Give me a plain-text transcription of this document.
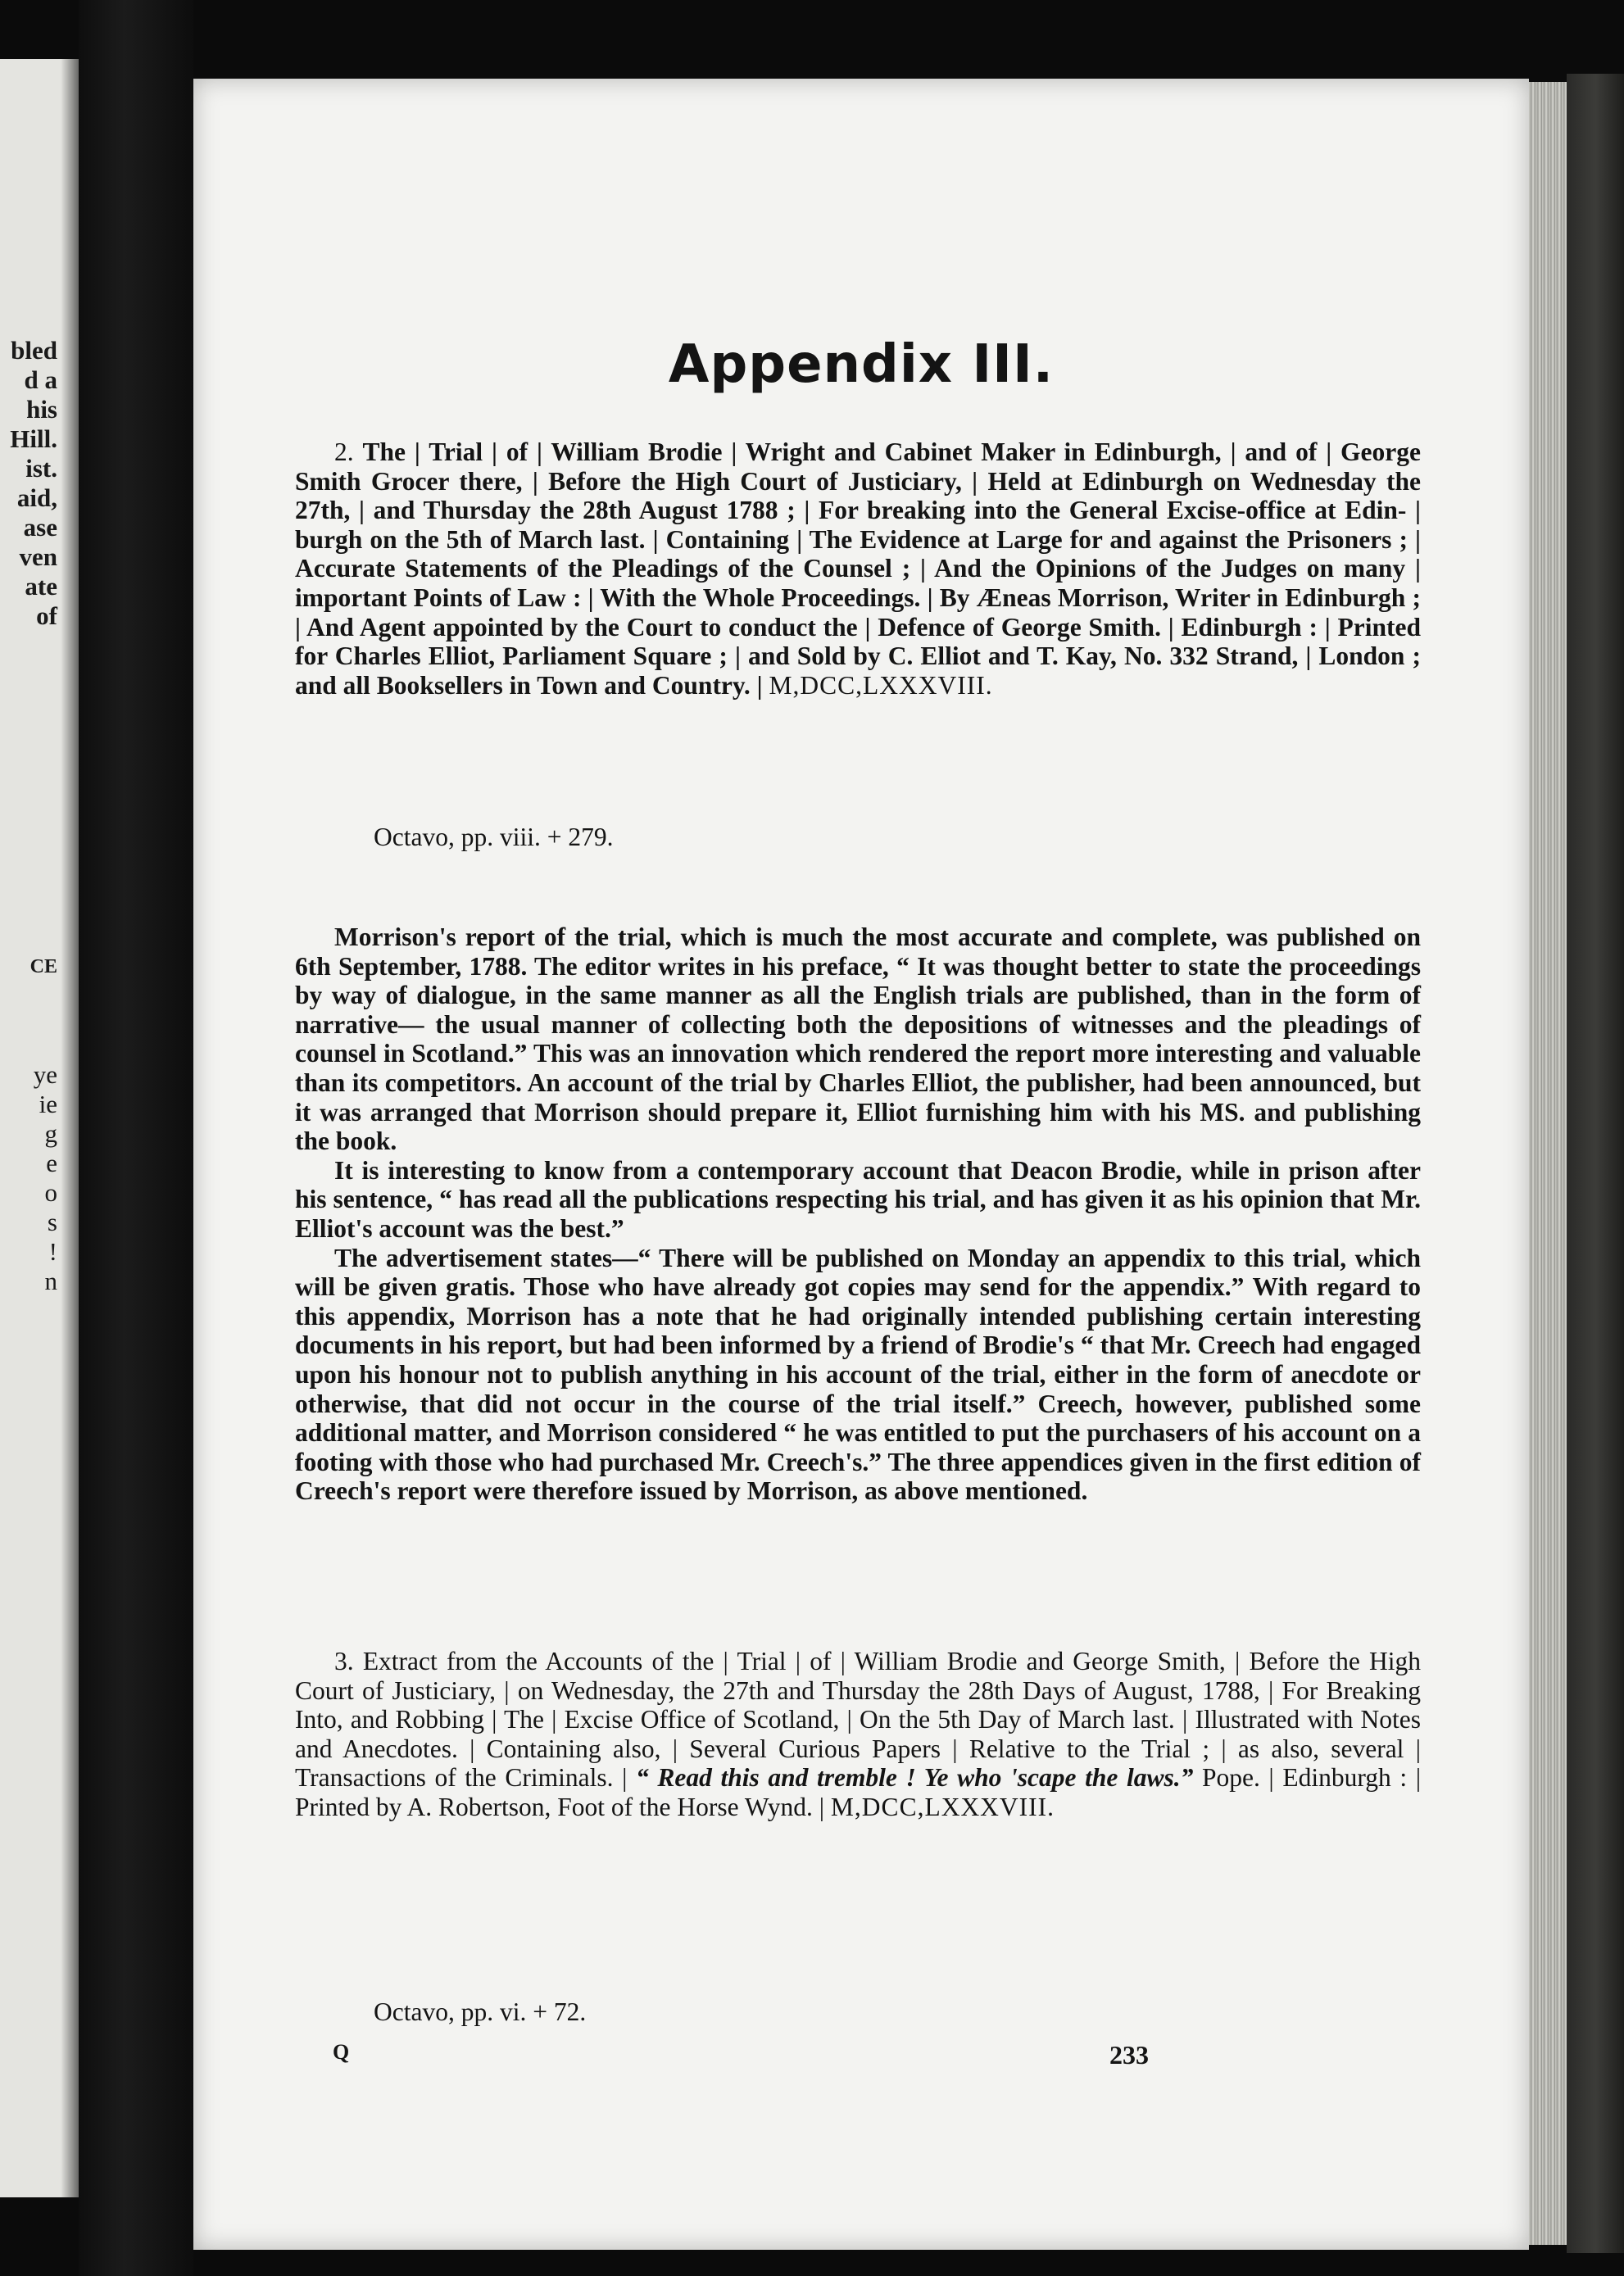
bled
d a
his
Hill.
ist.
aid,
ase
ven
ate
of
CE
ye
ie
g
e
o
s
!
n
Appendix III.

2. The | Trial | of | William Brodie | Wright and Cabinet Maker in Edinburgh, | and of | George Smith Grocer there, | Before the High Court of Justiciary, | Held at Edinburgh on Wednesday the 27th, | and Thursday the 28th August 1788 ; | For breaking into the General Excise-office at Edin- | burgh on the 5th of March last. | Containing | The Evidence at Large for and against the Prisoners ; | Accurate Statements of the Pleadings of the Counsel ; | And the Opinions of the Judges on many | important Points of Law : | With the Whole Proceedings. | By Æneas Morrison, Writer in Edinburgh ; | And Agent appointed by the Court to conduct the | Defence of George Smith. | Edinburgh : | Printed for Charles Elliot, Parliament Square ; | and Sold by C. Elliot and T. Kay, No. 332 Strand, | London ; and all Booksellers in Town and Country. | M,DCC,LXXXVIII.

Octavo, pp. viii. + 279.

Morrison's report of the trial, which is much the most accurate and complete, was published on 6th September, 1788. The editor writes in his preface, “ It was thought better to state the proceedings by way of dialogue, in the same manner as all the English trials are published, than in the form of narrative— the usual manner of collecting both the depositions of witnesses and the pleadings of counsel in Scotland.” This was an innovation which rendered the report more interesting and valuable than its competitors. An account of the trial by Charles Elliot, the publisher, had been announced, but it was arranged that Morrison should prepare it, Elliot furnishing him with his MS. and publishing the book.

It is interesting to know from a contemporary account that Deacon Brodie, while in prison after his sentence, “ has read all the publications respecting his trial, and has given it as his opinion that Mr. Elliot's account was the best.”

The advertisement states—“ There will be published on Monday an appendix to this trial, which will be given gratis. Those who have already got copies may send for the appendix.” With regard to this appendix, Morrison has a note that he had originally intended publishing certain interesting documents in his report, but had been informed by a friend of Brodie's “ that Mr. Creech had engaged upon his honour not to publish anything in his account of the trial, either in the form of anecdote or otherwise, that did not occur in the course of the trial itself.” Creech, however, published some additional matter, and Morrison considered “ he was entitled to put the purchasers of his account on a footing with those who had purchased Mr. Creech's.” The three appendices given in the first edition of Creech's report were therefore issued by Morrison, as above mentioned.

3. Extract from the Accounts of the | Trial | of | William Brodie and George Smith, | Before the High Court of Justiciary, | on Wednesday, the 27th and Thursday the 28th Days of August, 1788, | For Breaking Into, and Robbing | The | Excise Office of Scotland, | On the 5th Day of March last. | Illustrated with Notes and Anecdotes. | Containing also, | Several Curious Papers | Relative to the Trial ; | as also, several | Transactions of the Criminals. | “ Read this and tremble ! Ye who 'scape the laws.” Pope. | Edinburgh : | Printed by A. Robertson, Foot of the Horse Wynd. | M,DCC,LXXXVIII.

Octavo, pp. vi. + 72.

Q	233
